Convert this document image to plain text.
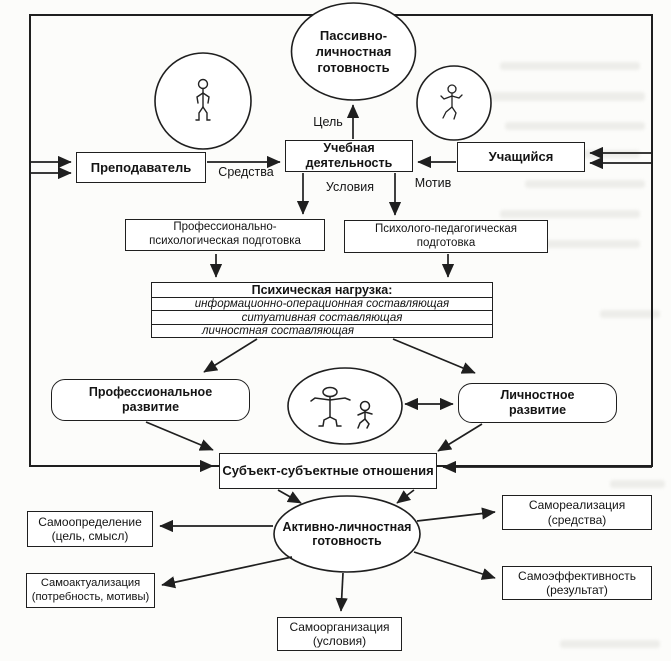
Пассивно-
личностная
готовность
Активно-личностная
готовность
Преподаватель
Учебная
деятельность	Учащийся
Профессионально-
психологическая подготовка
Психолого-педагогическая
подготовка
Психическая нагрузка:
информационно-операционная составляющая
ситуативная составляющая
личностная составляющая
Профессиональное
развитие
Личностное
развитие
Субъект-субъектные отношения
Самоопределение
(цель, смысл)
Самоактуализация
(потребность, мотивы)
Самоорганизация
(условия)
Самореализация
(средства)
Самоэффективность
(результат)
Цель
Средства
Условия	Мотив
